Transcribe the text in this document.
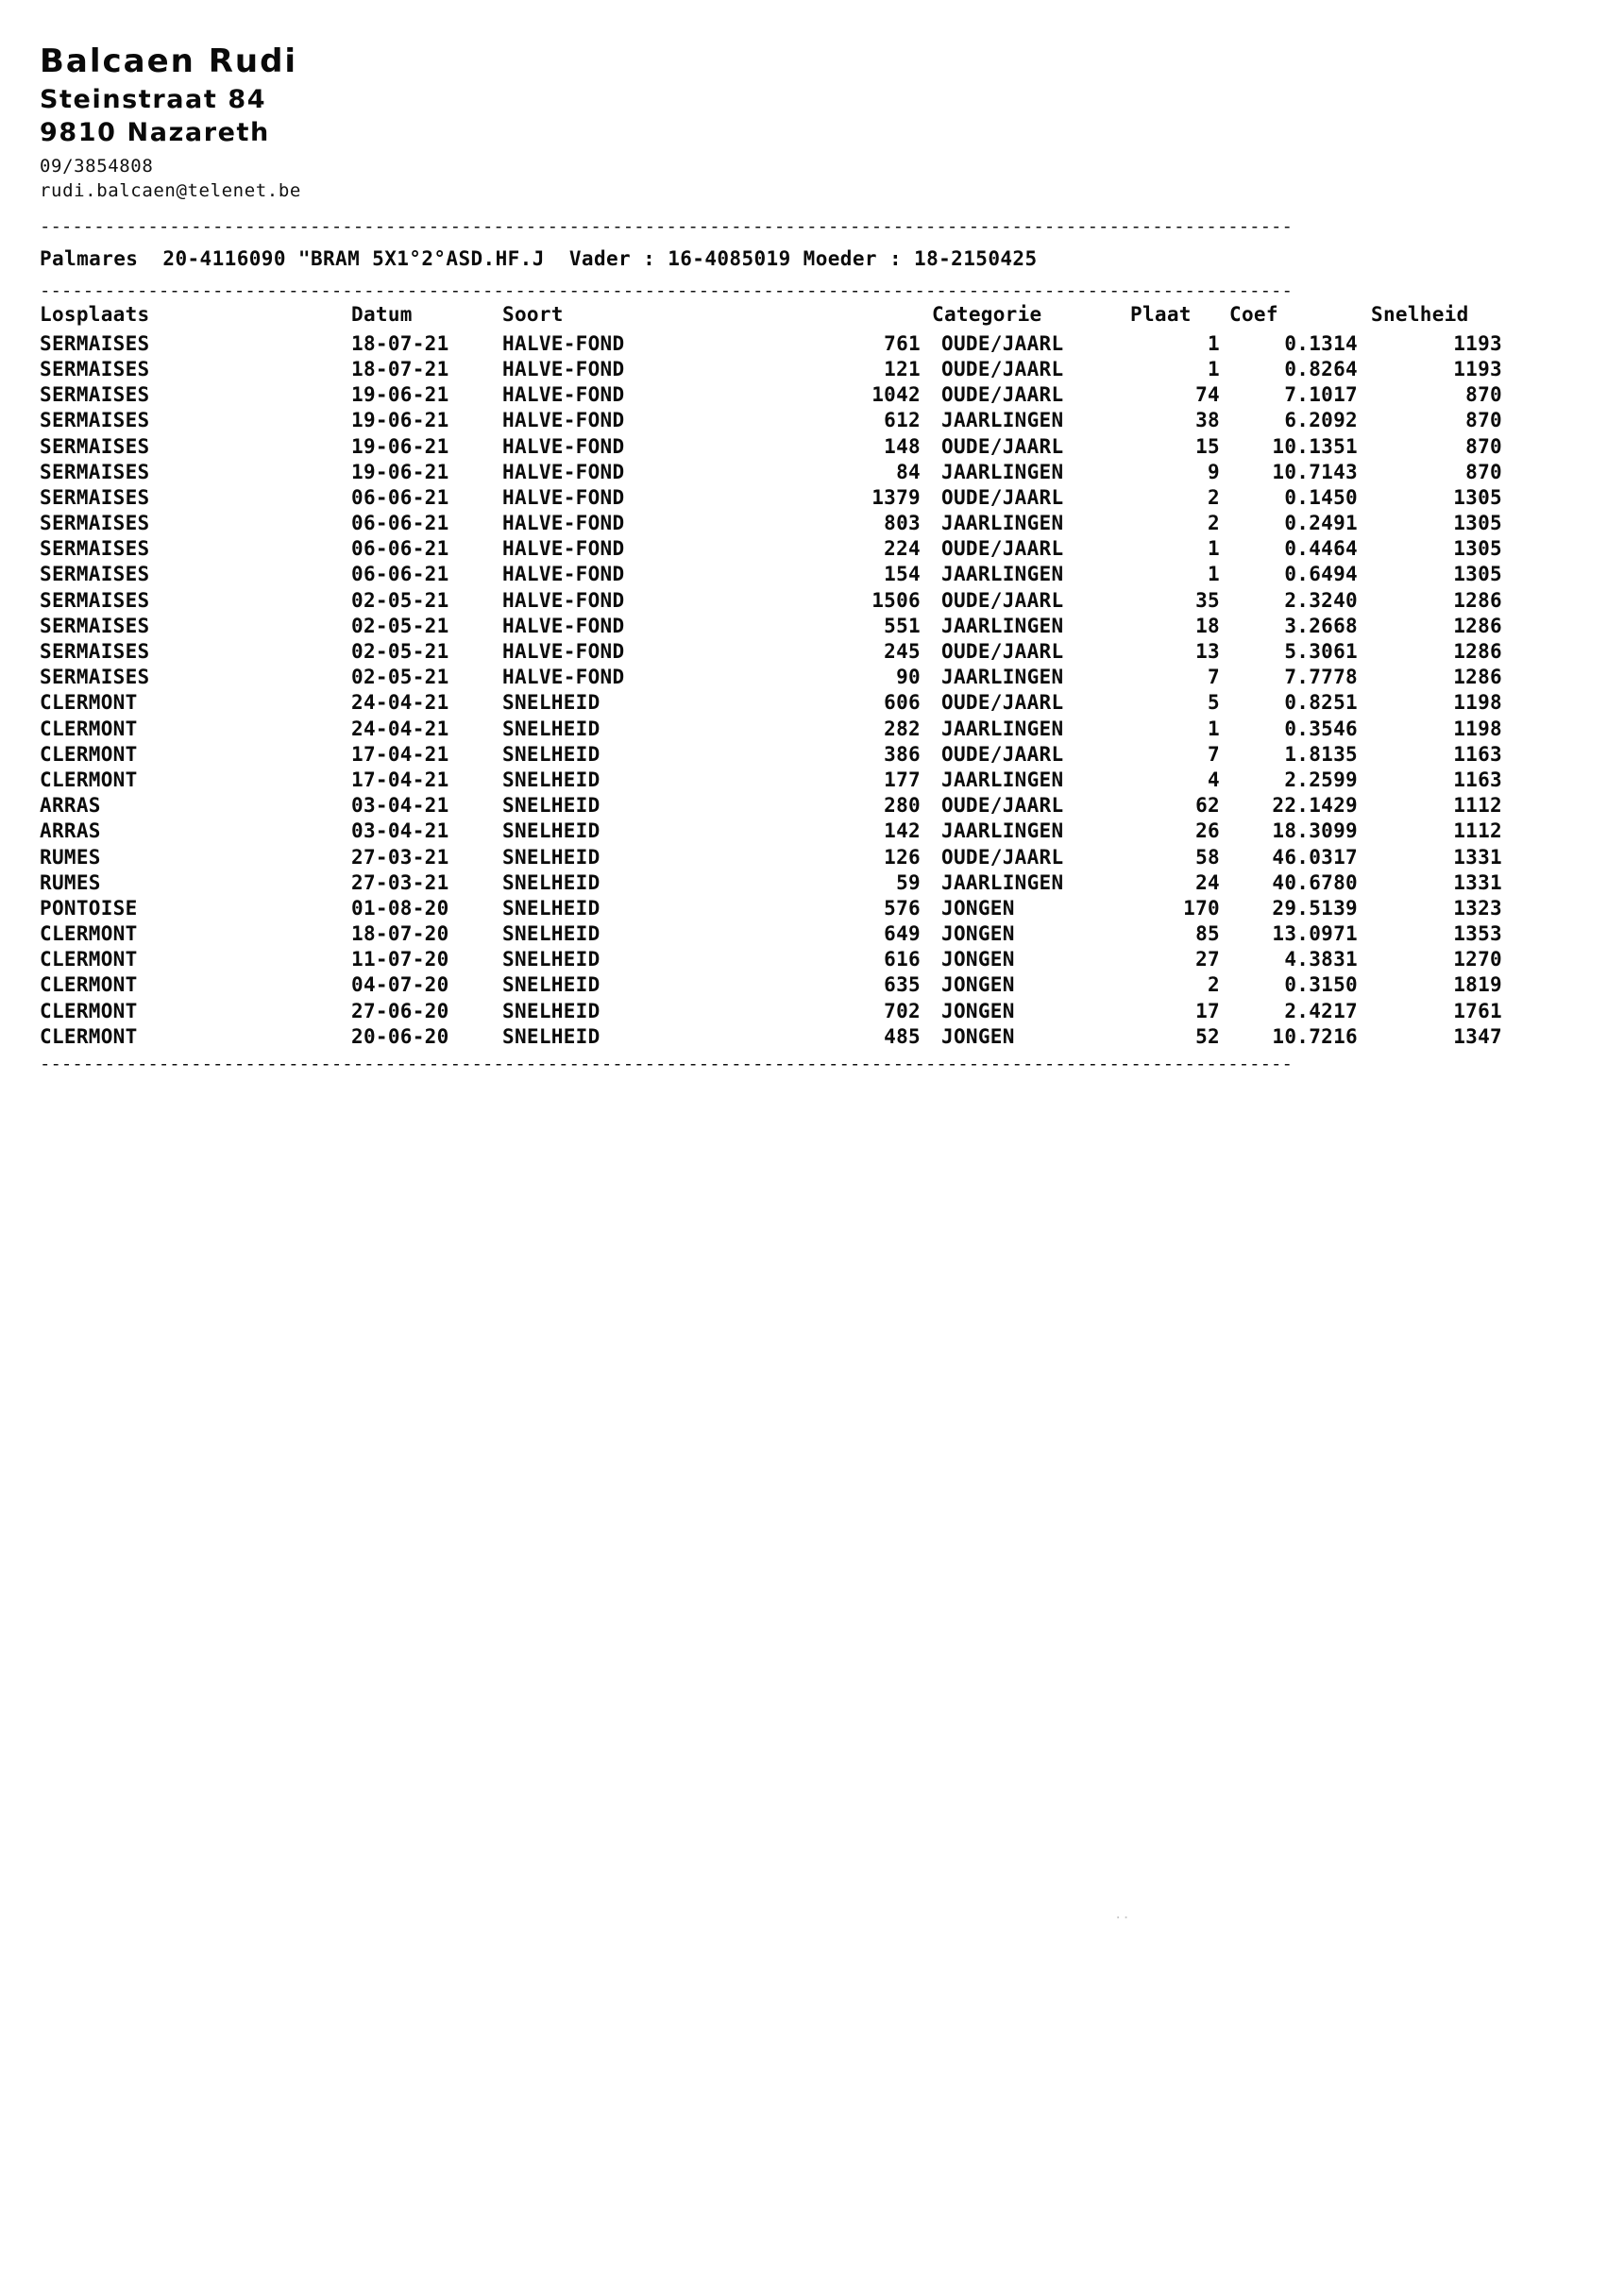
Balcaen Rudi
Steinstraat 84
9810 Nazareth
09/3854808
rudi.balcaen@telenet.be
--------------------------------------------------------------------------------------------------------------------
Palmares  20-4116090 "BRAM 5X1°2°ASD.HF.J  Vader : 16-4085019 Moeder : 18-2150425
--------------------------------------------------------------------------------------------------------------------
Losplaats	Datum	Soort		Categorie	Plaat	Coef	Snelheid
SERMAISES	18-07-21	HALVE-FOND	761	OUDE/JAARL	1	0.1314	1193
SERMAISES	18-07-21	HALVE-FOND	121	OUDE/JAARL	1	0.8264	1193
SERMAISES	19-06-21	HALVE-FOND	1042	OUDE/JAARL	74	7.1017	870
SERMAISES	19-06-21	HALVE-FOND	612	JAARLINGEN	38	6.2092	870
SERMAISES	19-06-21	HALVE-FOND	148	OUDE/JAARL	15	10.1351	870
SERMAISES	19-06-21	HALVE-FOND	84	JAARLINGEN	9	10.7143	870
SERMAISES	06-06-21	HALVE-FOND	1379	OUDE/JAARL	2	0.1450	1305
SERMAISES	06-06-21	HALVE-FOND	803	JAARLINGEN	2	0.2491	1305
SERMAISES	06-06-21	HALVE-FOND	224	OUDE/JAARL	1	0.4464	1305
SERMAISES	06-06-21	HALVE-FOND	154	JAARLINGEN	1	0.6494	1305
SERMAISES	02-05-21	HALVE-FOND	1506	OUDE/JAARL	35	2.3240	1286
SERMAISES	02-05-21	HALVE-FOND	551	JAARLINGEN	18	3.2668	1286
SERMAISES	02-05-21	HALVE-FOND	245	OUDE/JAARL	13	5.3061	1286
SERMAISES	02-05-21	HALVE-FOND	90	JAARLINGEN	7	7.7778	1286
CLERMONT	24-04-21	SNELHEID	606	OUDE/JAARL	5	0.8251	1198
CLERMONT	24-04-21	SNELHEID	282	JAARLINGEN	1	0.3546	1198
CLERMONT	17-04-21	SNELHEID	386	OUDE/JAARL	7	1.8135	1163
CLERMONT	17-04-21	SNELHEID	177	JAARLINGEN	4	2.2599	1163
ARRAS	03-04-21	SNELHEID	280	OUDE/JAARL	62	22.1429	1112
ARRAS	03-04-21	SNELHEID	142	JAARLINGEN	26	18.3099	1112
RUMES	27-03-21	SNELHEID	126	OUDE/JAARL	58	46.0317	1331
RUMES	27-03-21	SNELHEID	59	JAARLINGEN	24	40.6780	1331
PONTOISE	01-08-20	SNELHEID	576	JONGEN	170	29.5139	1323
CLERMONT	18-07-20	SNELHEID	649	JONGEN	85	13.0971	1353
CLERMONT	11-07-20	SNELHEID	616	JONGEN	27	4.3831	1270
CLERMONT	04-07-20	SNELHEID	635	JONGEN	2	0.3150	1819
CLERMONT	27-06-20	SNELHEID	702	JONGEN	17	2.4217	1761
CLERMONT	20-06-20	SNELHEID	485	JONGEN	52	10.7216	1347
--------------------------------------------------------------------------------------------------------------------
..
